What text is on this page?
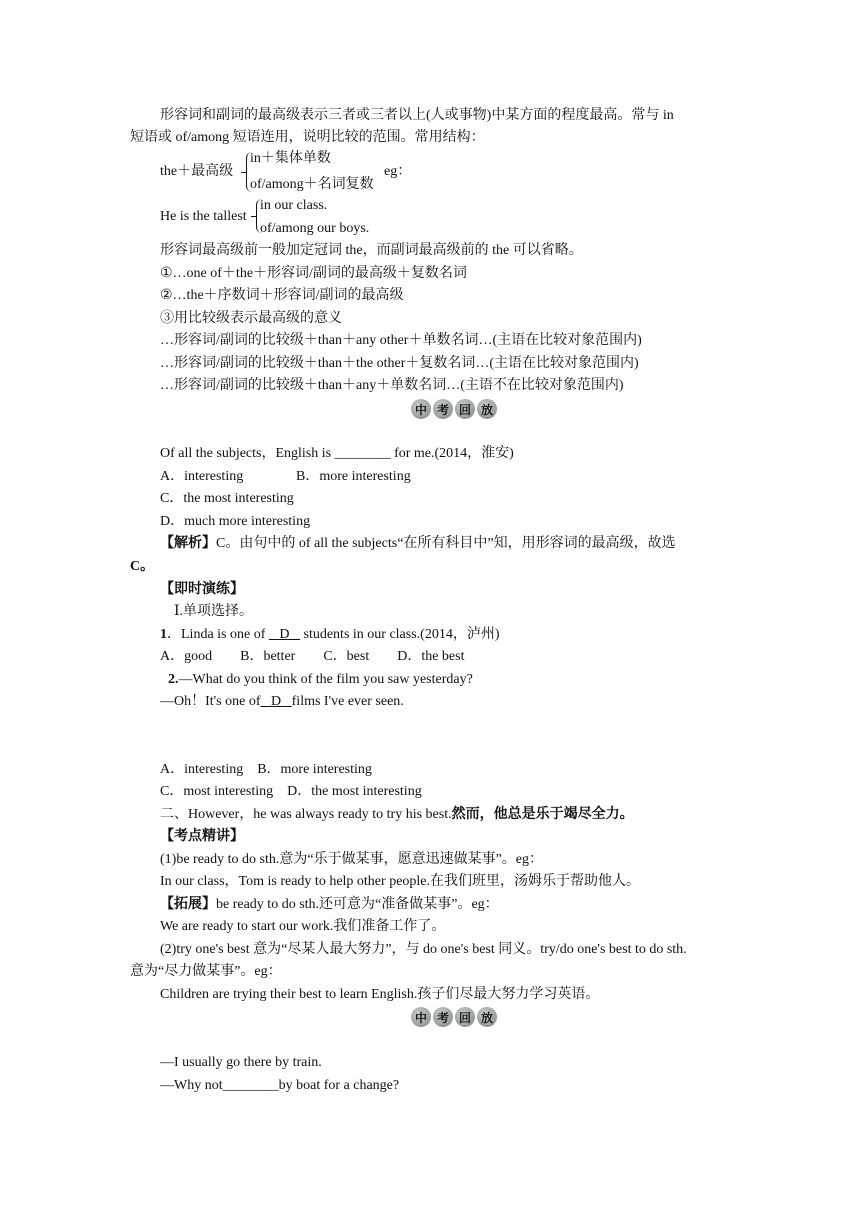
形容词和副词的最高级表示三者或三者以上(人或事物)中某方面的程度最高。常与 in
短语或 of/among 短语连用，说明比较的范围。常用结构：
the＋最高级
in＋集体单数
of/among＋名词复数
eg：
He is the tallest
in our class.
of/among our boys.
形容词最高级前一般加定冠词 the，而副词最高级前的 the 可以省略。
①…one of＋the＋形容词/副词的最高级＋复数名词
②…the＋序数词＋形容词/副词的最高级
③用比较级表示最高级的意义
…形容词/副词的比较级＋than＋any other＋单数名词…(主语在比较对象范围内)
…形容词/副词的比较级＋than＋the other＋复数名词…(主语在比较对象范围内)
…形容词/副词的比较级＋than＋any＋单数名词…(主语不在比较对象范围内)
中 考 回 放
Of all the subjects，English is ________ for me.(2014，淮安)
A．interesting	B．more interesting
C．the most interesting
D．much more interesting
【解析】C。由句中的 of all the subjects“在所有科目中”知，用形容词的最高级，故选
C。
【即时演练】
Ⅰ.单项选择。
1．Linda is one of D students in our class.(2014，泸州)
A．good　　B．better　　C．best　　D．the best
2.—What do you think of the film you saw yesterday?
—Oh！It's one of D films I've ever seen.
A．interesting　B．more interesting
C．most interesting　D．the most interesting
二、However，he was always ready to try his best.然而，他总是乐于竭尽全力。
【考点精讲】
(1)be ready to do sth.意为“乐于做某事，愿意迅速做某事”。eg：
In our class，Tom is ready to help other people.在我们班里，汤姆乐于帮助他人。
【拓展】be ready to do sth.还可意为“准备做某事”。eg：
We are ready to start our work.我们准备工作了。
(2)try one's best 意为“尽某人最大努力”，与 do one's best 同义。try/do one's best to do sth.
意为“尽力做某事”。eg：
Children are trying their best to learn English.孩子们尽最大努力学习英语。
中 考 回 放
—I usually go there by train.
—Why not________by boat for a change?
